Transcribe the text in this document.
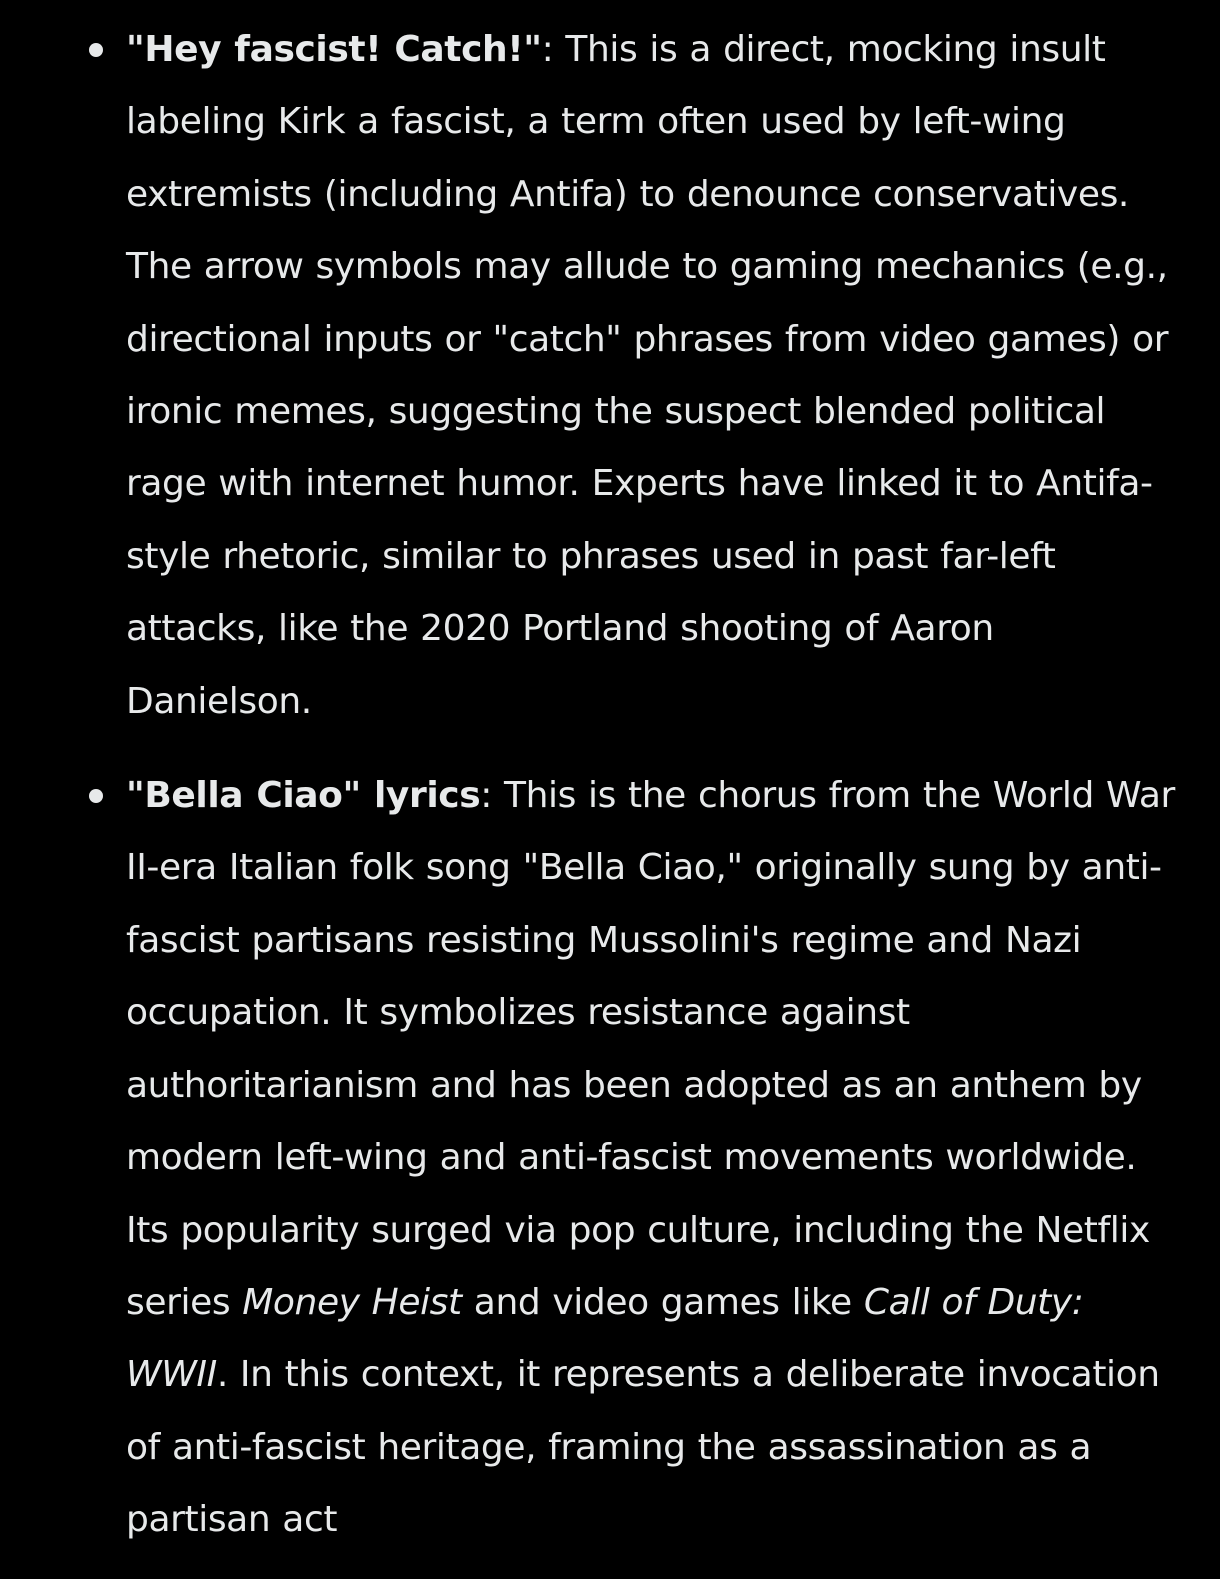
"Hey fascist! Catch!": This is a direct, mocking insult labeling Kirk a fascist, a term often used by left-wing extremists (including Antifa) to denounce conservatives. The arrow symbols may allude to gaming mechanics (e.g., directional inputs or "catch" phrases from video games) or ironic memes, suggesting the suspect blended political rage with internet humor. Experts have linked it to Antifa-style rhetoric, similar to phrases used in past far-left attacks, like the 2020 Portland shooting of Aaron Danielson.
"Bella Ciao" lyrics: This is the chorus from the World War II-era Italian folk song "Bella Ciao," originally sung by anti-fascist partisans resisting Mussolini's regime and Nazi occupation. It symbolizes resistance against authoritarianism and has been adopted as an anthem by modern left-wing and anti-fascist movements worldwide. Its popularity surged via pop culture, including the Netflix series Money Heist and video games like Call of Duty: WWII. In this context, it represents a deliberate invocation of anti-fascist heritage, framing the assassination as a partisan act
